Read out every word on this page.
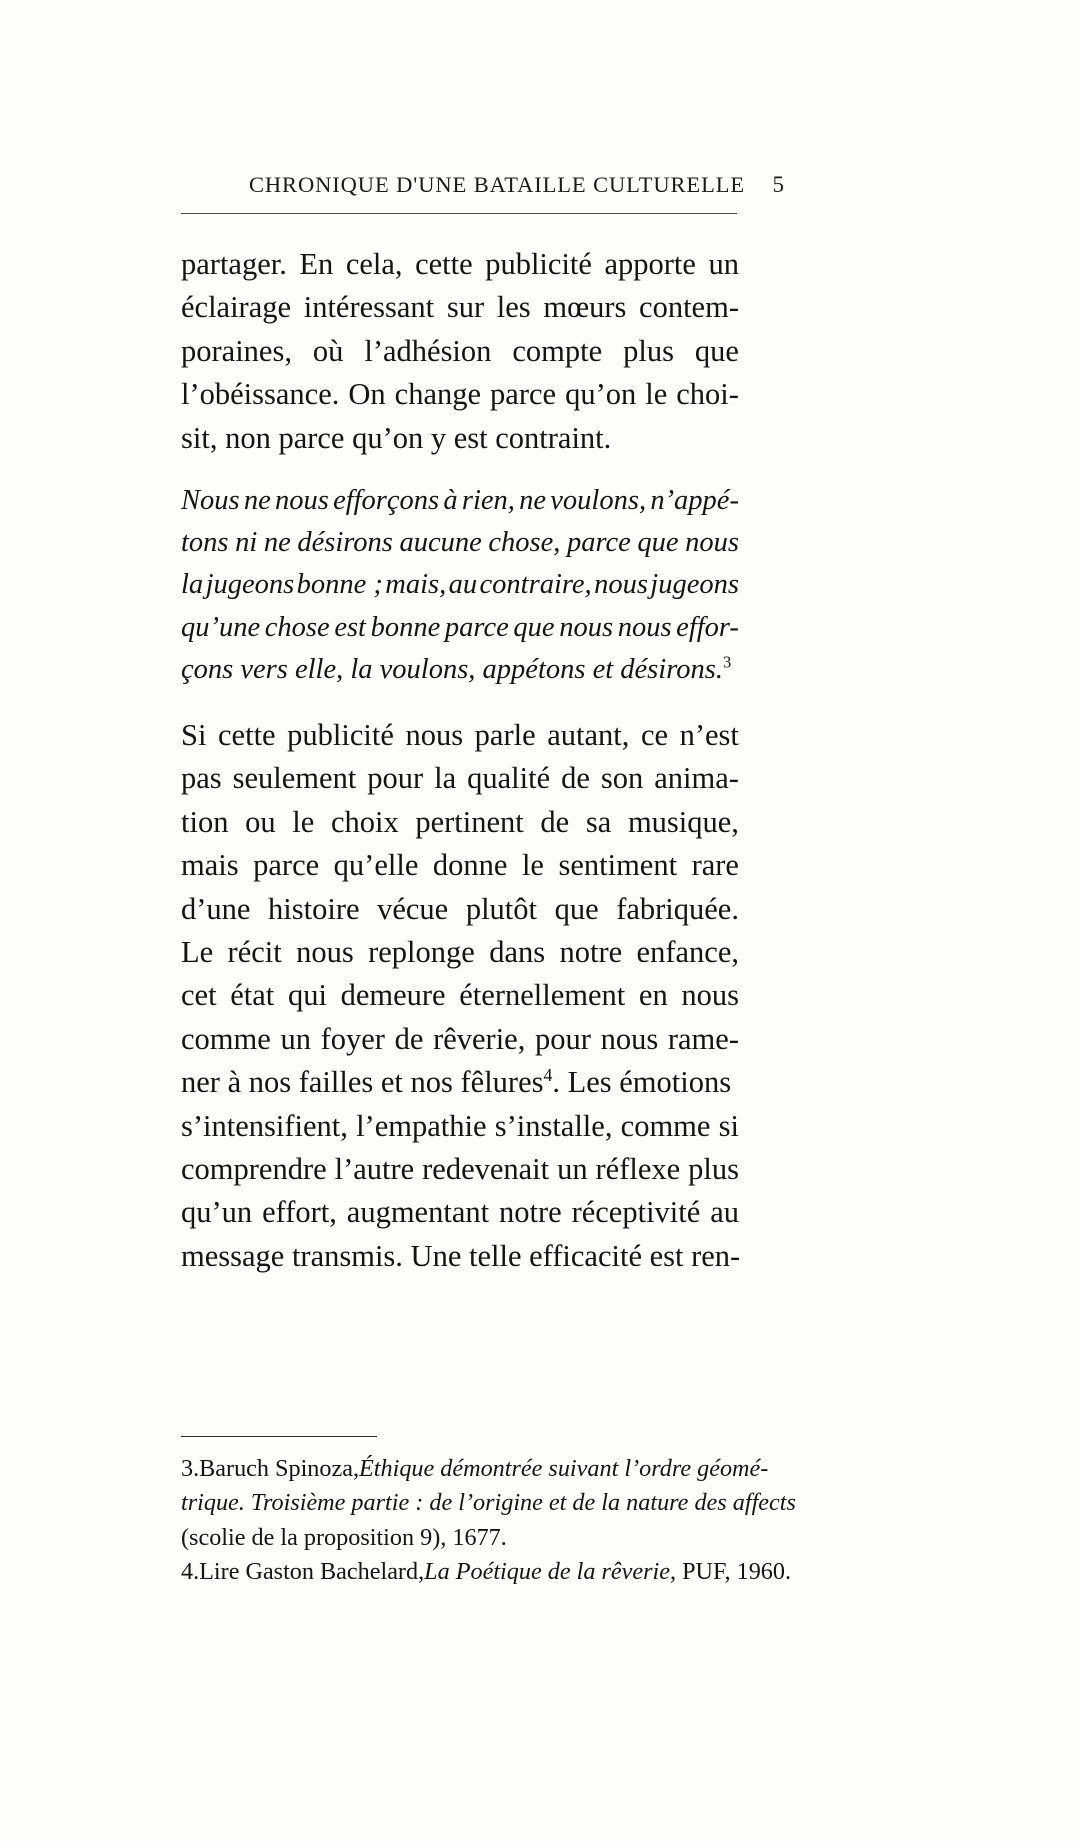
CHRONIQUE D'UNE BATAILLE CULTURELLE 5
partager. En cela, cette publicité apporte un
éclairage intéressant sur les mœurs contem-
poraines, où l’adhésion compte plus que
l’obéissance. On change parce qu’on le choi-
sit, non parce qu’on y est contraint.
Nous ne nous efforçons à rien, ne voulons, n’appé-
tons ni ne désirons aucune chose, parce que nous
la jugeons bonne ; mais, au contraire, nous jugeons
qu’une chose est bonne parce que nous nous effor-
çons vers elle, la voulons, appétons et désirons.$^3$
Si cette publicité nous parle autant, ce n’est
pas seulement pour la qualité de son anima-
tion ou le choix pertinent de sa musique,
mais parce qu’elle donne le sentiment rare
d’une histoire vécue plutôt que fabriquée.
Le récit nous replonge dans notre enfance,
cet état qui demeure éternellement en nous
comme un foyer de rêverie, pour nous rame-
ner à nos failles et nos fêlures$^4$. Les émotions
s’intensifient, l’empathie s’installe, comme si
comprendre l’autre redevenait un réflexe plus
qu’un effort, augmentant notre réceptivité au
message transmis. Une telle efficacité est ren-
3. Baruch Spinoza, Éthique démontrée suivant l’ordre géomé-
trique. Troisième partie : de l’origine et de la nature des affects
(scolie de la proposition 9), 1677.
4. Lire Gaston Bachelard, La Poétique de la rêverie, PUF, 1960.
